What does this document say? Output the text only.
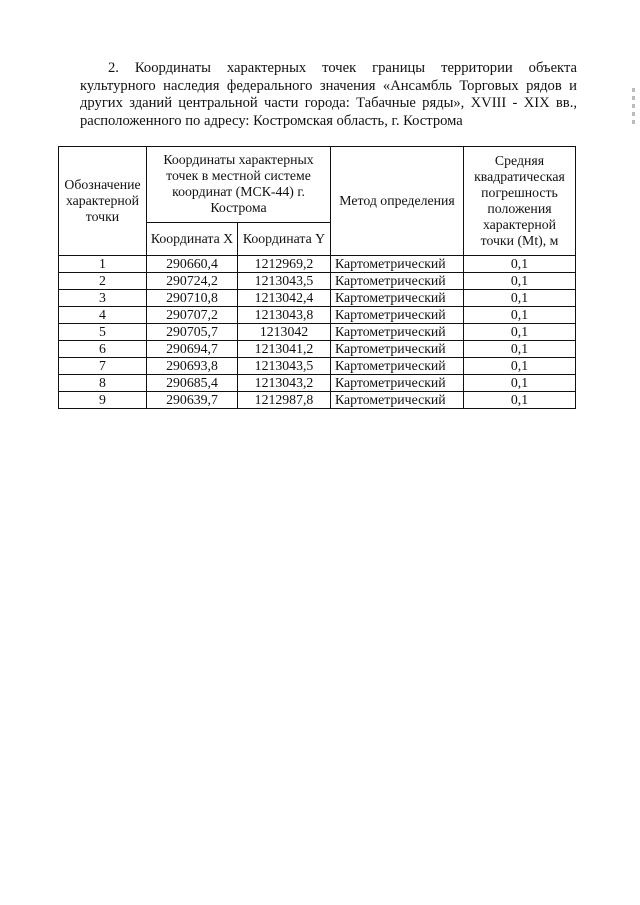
2. Координаты характерных точек границы территории объекта культурного наследия федерального значения «Ансамбль Торговых рядов и других зданий центральной части города: Табачные ряды», XVIII - XIX вв., расположенного по адресу: Костромская область, г. Кострома

Обозначение характерной точки	Координаты характерных точек в местной системе координат (МСК-44) г. Кострома		Метод определения	Средняя квадратическая погрешность положения характерной точки (Mt), м
	Координата X	Координата Y		
1	290660,4	1212969,2	Картометрический	0,1
2	290724,2	1213043,5	Картометрический	0,1
3	290710,8	1213042,4	Картометрический	0,1
4	290707,2	1213043,8	Картометрический	0,1
5	290705,7	1213042	Картометрический	0,1
6	290694,7	1213041,2	Картометрический	0,1
7	290693,8	1213043,5	Картометрический	0,1
8	290685,4	1213043,2	Картометрический	0,1
9	290639,7	1212987,8	Картометрический	0,1
